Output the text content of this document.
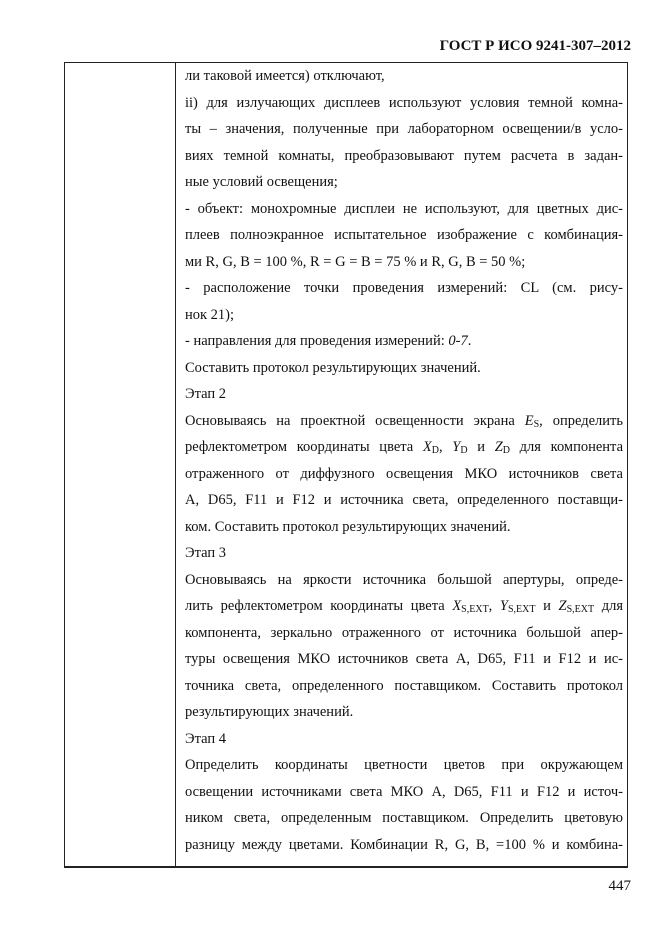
ГОСТ Р ИСО 9241-307–2012

ли таковой имеется) отключают,

ii) для излучающих дисплеев используют условия темной комна-

ты – значения, полученные при лабораторном освещении/в усло-

виях темной комнаты, преобразовывают путем расчета в задан-

ные условий освещения;

- объект: монохромные дисплеи не используют, для цветных дис-

плеев полноэкранное испытательное изображение с комбинация-

ми R, G, B = 100 %, R = G = B = 75 % и R, G, B = 50 %;

- расположение точки проведения измерений: CL (см. рису-

нок 21);

- направления для проведения измерений: 0-7.

Составить протокол результирующих значений.

Этап 2

Основываясь на проектной освещенности экрана $E_S$, определить

рефлектометром координаты цвета $X_D$, $Y_D$ и $Z_D$ для компонента

отраженного от диффузного освещения МКО источников света

A, D65, F11 и F12 и источника света, определенного поставщи-

ком. Составить протокол результирующих значений.

Этап 3

Основываясь на яркости источника большой апертуры, опреде-

лить рефлектометром координаты цвета $X_{S,EXT}$, $Y_{S,EXT}$ и $Z_{S,EXT}$ для

компонента, зеркально отраженного от источника большой апер-

туры освещения МКО источников света A, D65, F11 и F12 и ис-

точника света, определенного поставщиком. Составить протокол

результирующих значений.

Этап 4

Определить координаты цветности цветов при окружающем

освещении источниками света МКО A, D65, F11 и F12 и источ-

ником света, определенным поставщиком. Определить цветовую

разницу между цветами. Комбинации R, G, B, =100 % и комбина-

447
